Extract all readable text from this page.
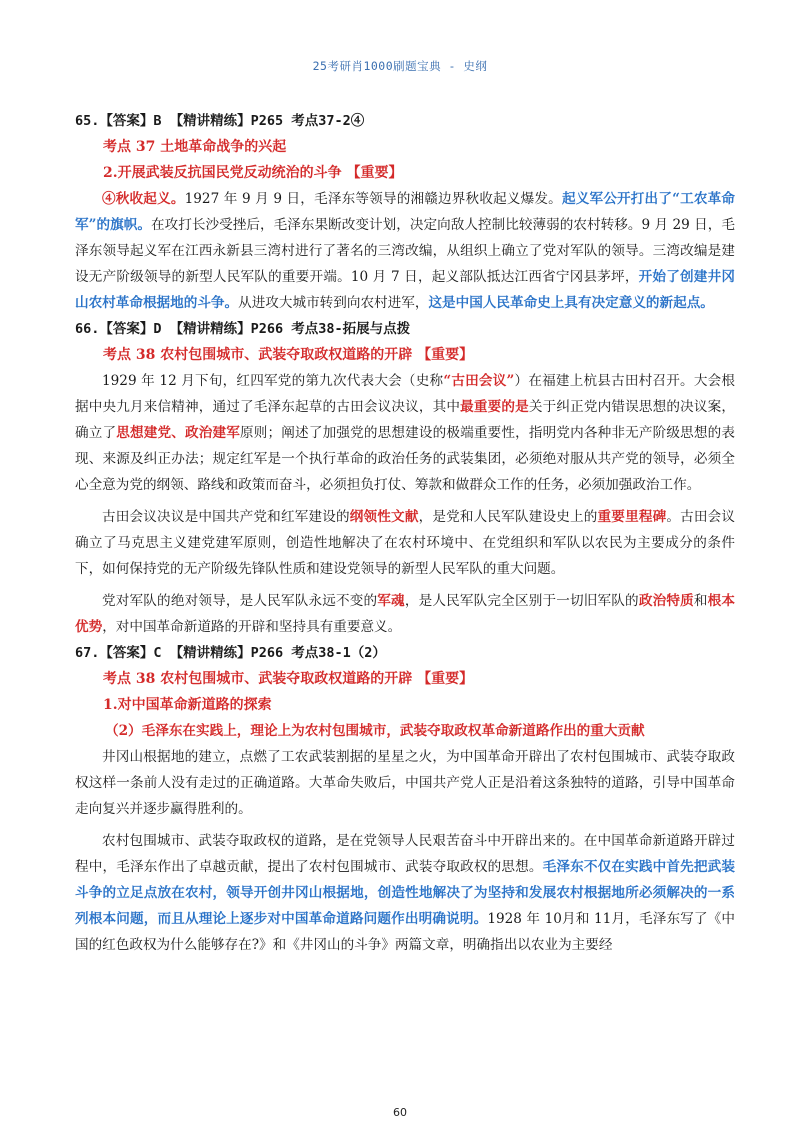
25考研肖1000刷题宝典 - 史纲
65.【答案】B 【精讲精练】P265 考点37-2④
考点 37 土地革命战争的兴起
2.开展武装反抗国民党反动统治的斗争 【重要】

④秋收起义。1927 年 9 月 9 日，毛泽东等领导的湘赣边界秋收起义爆发。起义军公开打出了“工农革命军”的旗帜。在攻打长沙受挫后，毛泽东果断改变计划，决定向敌人控制比较薄弱的农村转移。9 月 29 日，毛泽东领导起义军在江西永新县三湾村进行了著名的三湾改编，从组织上确立了党对军队的领导。三湾改编是建设无产阶级领导的新型人民军队的重要开端。10 月 7 日，起义部队抵达江西省宁冈县茅坪，开始了创建井冈山农村革命根据地的斗争。从进攻大城市转到向农村进军，这是中国人民革命史上具有决定意义的新起点。

66.【答案】D 【精讲精练】P266 考点38-拓展与点拨
考点 38 农村包围城市、武装夺取政权道路的开辟 【重要】

1929 年 12 月下旬，红四军党的第九次代表大会（史称“古田会议”）在福建上杭县古田村召开。大会根据中央九月来信精神，通过了毛泽东起草的古田会议决议，其中最重要的是关于纠正党内错误思想的决议案，确立了思想建党、政治建军原则；阐述了加强党的思想建设的极端重要性，指明党内各种非无产阶级思想的表现、来源及纠正办法；规定红军是一个执行革命的政治任务的武装集团，必须绝对服从共产党的领导，必须全心全意为党的纲领、路线和政策而奋斗，必须担负打仗、筹款和做群众工作的任务，必须加强政治工作。

古田会议决议是中国共产党和红军建设的纲领性文献，是党和人民军队建设史上的重要里程碑。古田会议确立了马克思主义建党建军原则，创造性地解决了在农村环境中、在党组织和军队以农民为主要成分的条件下，如何保持党的无产阶级先锋队性质和建设党领导的新型人民军队的重大问题。

党对军队的绝对领导，是人民军队永远不变的军魂，是人民军队完全区别于一切旧军队的政治特质和根本优势，对中国革命新道路的开辟和坚持具有重要意义。

67.【答案】C 【精讲精练】P266 考点38-1（2）
考点 38 农村包围城市、武装夺取政权道路的开辟 【重要】
1.对中国革命新道路的探索
（2）毛泽东在实践上，理论上为农村包围城市，武装夺取政权革命新道路作出的重大贡献

井冈山根据地的建立，点燃了工农武装割据的星星之火，为中国革命开辟出了农村包围城市、武装夺取政权这样一条前人没有走过的正确道路。大革命失败后，中国共产党人正是沿着这条独特的道路，引导中国革命走向复兴并逐步赢得胜利的。

农村包围城市、武装夺取政权的道路，是在党领导人民艰苦奋斗中开辟出来的。在中国革命新道路开辟过程中，毛泽东作出了卓越贡献，提出了农村包围城市、武装夺取政权的思想。毛泽东不仅在实践中首先把武装斗争的立足点放在农村，领导开创井冈山根据地，创造性地解决了为坚持和发展农村根据地所必须解决的一系列根本问题，而且从理论上逐步对中国革命道路问题作出明确说明。1928 年 10月和 11月，毛泽东写了《中国的红色政权为什么能够存在?》和《井冈山的斗争》两篇文章，明确指出以农业为主要经

60
